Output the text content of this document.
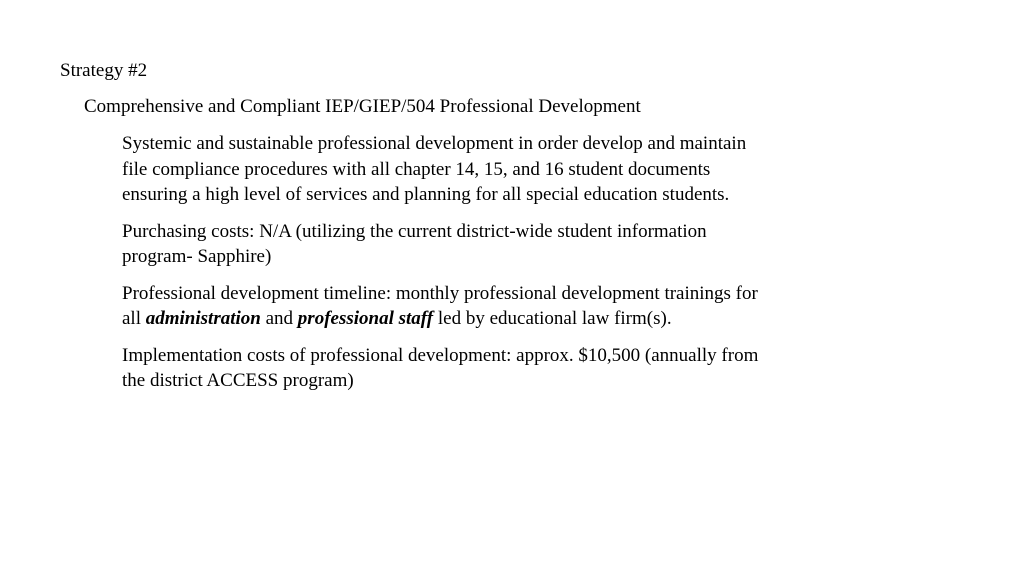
Strategy #2
Comprehensive and Compliant IEP/GIEP/504 Professional Development

Systemic and sustainable professional development in order develop and maintain file compliance procedures with all chapter 14, 15, and 16 student documents ensuring a high level of services and planning for all special education students.

Purchasing costs: N/A (utilizing the current district-wide student information program- Sapphire)

Professional development timeline: monthly professional development trainings for all administration and professional staff led by educational law firm(s).

Implementation costs of professional development: approx. $10,500 (annually from the district ACCESS program)
